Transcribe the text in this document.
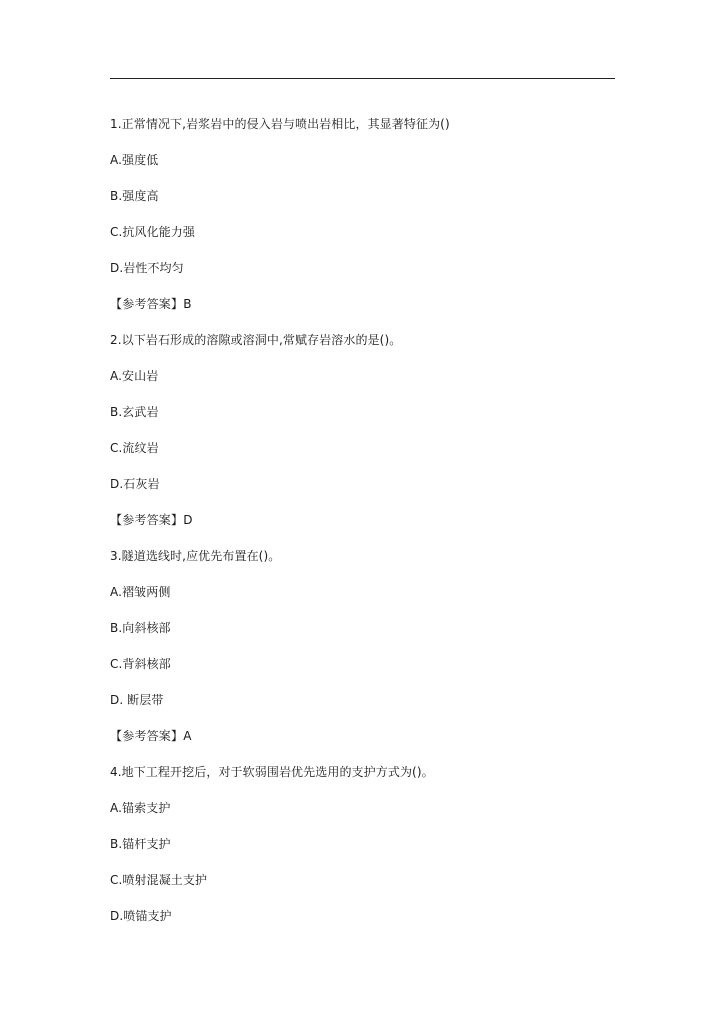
1.正常情况下,岩浆岩中的侵入岩与喷出岩相比，其显著特征为()
A.强度低
B.强度高
C.抗风化能力强
D.岩性不均匀
【参考答案】B
2.以下岩石形成的溶隙或溶洞中,常赋存岩溶水的是()。
A.安山岩
B.玄武岩
C.流纹岩
D.石灰岩
【参考答案】D
3.隧道选线时,应优先布置在()。
A.褶皱两侧
B.向斜核部
C.背斜核部
D. 断层带
【参考答案】A
4.地下工程开挖后，对于软弱围岩优先选用的支护方式为()。
A.锚索支护
B.锚杆支护
C.喷射混凝土支护
D.喷锚支护
